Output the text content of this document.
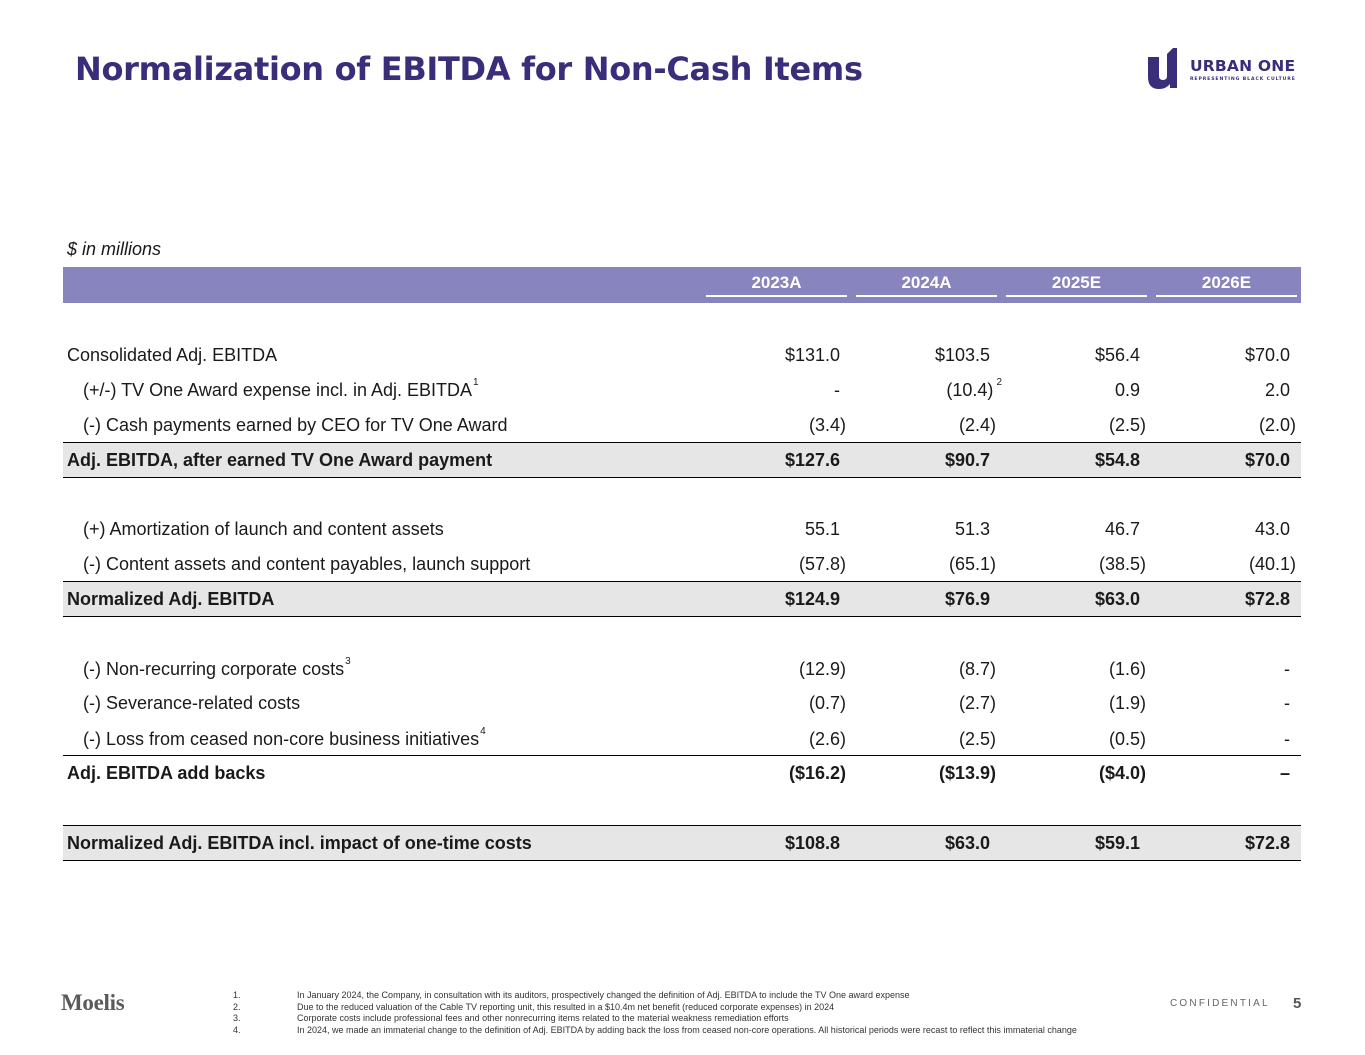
Normalization of EBITDA for Non-Cash Items	URBAN ONE
REPRESENTING BLACK CULTURE
$ in millions
2023A	2024A	2025E	2026E
Consolidated Adj. EBITDA	$131.0	$103.5	$56.4	$70.0
(+/-) TV One Award expense incl. in Adj. EBITDA 1	-	(10.4) 2	0.9	2.0
(-) Cash payments earned by CEO for TV One Award	(3.4)	(2.4)	(2.5)	(2.0)
Adj. EBITDA, after earned TV One Award payment	$127.6	$90.7	$54.8	$70.0
(+) Amortization of launch and content assets	55.1	51.3	46.7	43.0
(-) Content assets and content payables, launch support	(57.8)	(65.1)	(38.5)	(40.1)
Normalized Adj. EBITDA	$124.9	$76.9	$63.0	$72.8
(-) Non-recurring corporate costs 3	(12.9)	(8.7)	(1.6)	-
(-) Severance-related costs	(0.7)	(2.7)	(1.9)	-
(-) Loss from ceased non-core business initiatives 4	(2.6)	(2.5)	(0.5)	-
Adj. EBITDA add backs	($16.2)	($13.9)	($4.0)	–
Normalized Adj. EBITDA incl. impact of one-time costs	$108.8	$63.0	$59.1	$72.8
Moelis	1.	In January 2024, the Company, in consultation with its auditors, prospectively changed the definition of Adj. EBITDA to include the TV One award expense
2.	Due to the reduced valuation of the Cable TV reporting unit, this resulted in a $10.4m net benefit (reduced corporate expenses) in 2024
3.	Corporate costs include professional fees and other nonrecurring items related to the material weakness remediation efforts
4.	In 2024, we made an immaterial change to the definition of Adj. EBITDA by adding back the loss from ceased non-core operations. All historical periods were recast to reflect this immaterial change
CONFIDENTIAL 5
